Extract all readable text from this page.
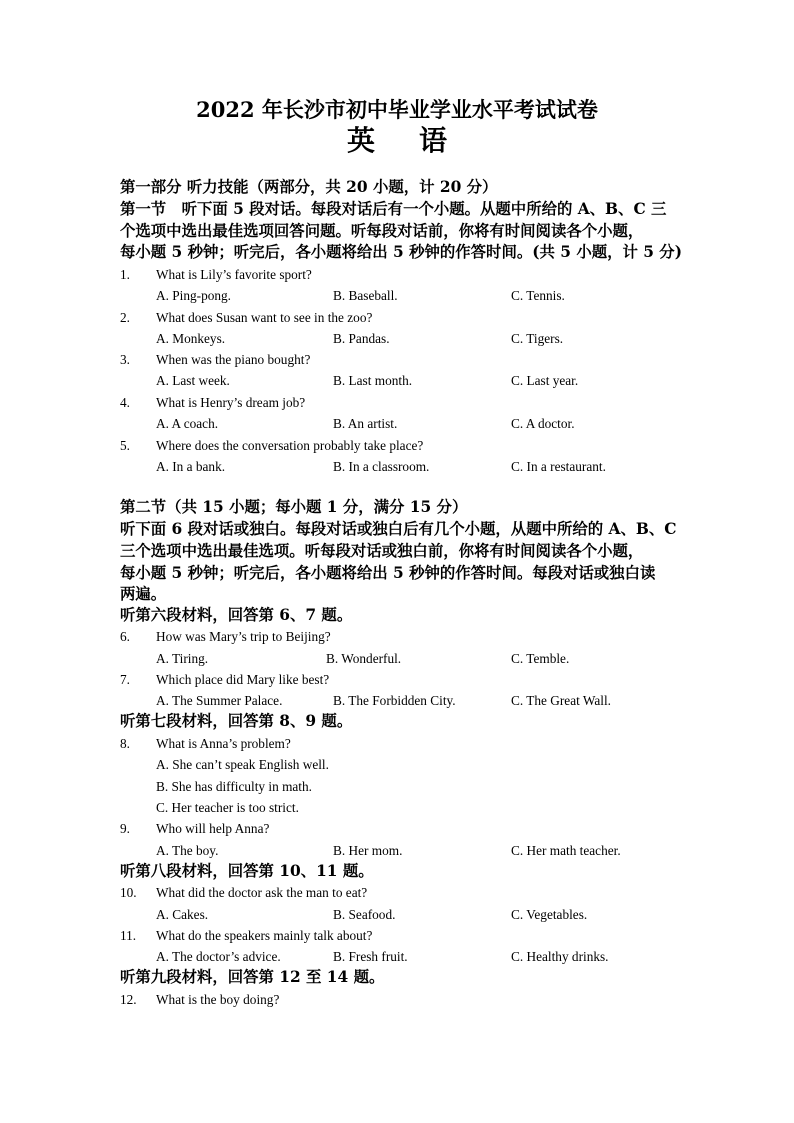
2022 年长沙市初中毕业学业水平考试试卷
英语
第一部分 听力技能（两部分，共 20 小题，计 20 分）
第一节　听下面 5 段对话。每段对话后有一个小题。从题中所给的 A、B、C 三
个选项中选出最佳选项回答问题。听每段对话前，你将有时间阅读各个小题，
每小题 5 秒钟；听完后，各小题将给出 5 秒钟的作答时间。(共 5 小题，计 5 分)
1. What is Lily’s favorite sport?
A. Ping-pong.	B. Baseball.	C. Tennis.
2. What does Susan want to see in the zoo?
A. Monkeys.	B. Pandas.	C. Tigers.
3. When was the piano bought?
A. Last week.	B. Last month.	C. Last year.
4. What is Henry’s dream job?
A. A coach.	B. An artist.	C. A doctor.
5. Where does the conversation probably take place?
A. In a bank.	B. In a classroom.	C. In a restaurant.
第二节（共 15 小题；每小题 1 分，满分 15 分）
听下面 6 段对话或独白。每段对话或独白后有几个小题，从题中所给的 A、B、C
三个选项中选出最佳选项。听每段对话或独白前，你将有时间阅读各个小题，
每小题 5 秒钟；听完后，各小题将给出 5 秒钟的作答时间。每段对话或独白读
两遍。
听第六段材料，回答第 6、7 题。
6. How was Mary’s trip to Beijing?
A. Tiring.	B. Wonderful.	C. Temble.
7. Which place did Mary like best?
A. The Summer Palace.	B. The Forbidden City.	C. The Great Wall.
听第七段材料，回答第 8、9 题。
8. What is Anna’s problem?
A. She can’t speak English well.
B. She has difficulty in math.
C. Her teacher is too strict.
9. Who will help Anna?
A. The boy.	B. Her mom.	C. Her math teacher.
听第八段材料，回答第 10、11 题。
10. What did the doctor ask the man to eat?
A. Cakes.	B. Seafood.	C. Vegetables.
11. What do the speakers mainly talk about?
A. The doctor’s advice.	B. Fresh fruit.	C. Healthy drinks.
听第九段材料，回答第 12 至 14 题。
12. What is the boy doing?
